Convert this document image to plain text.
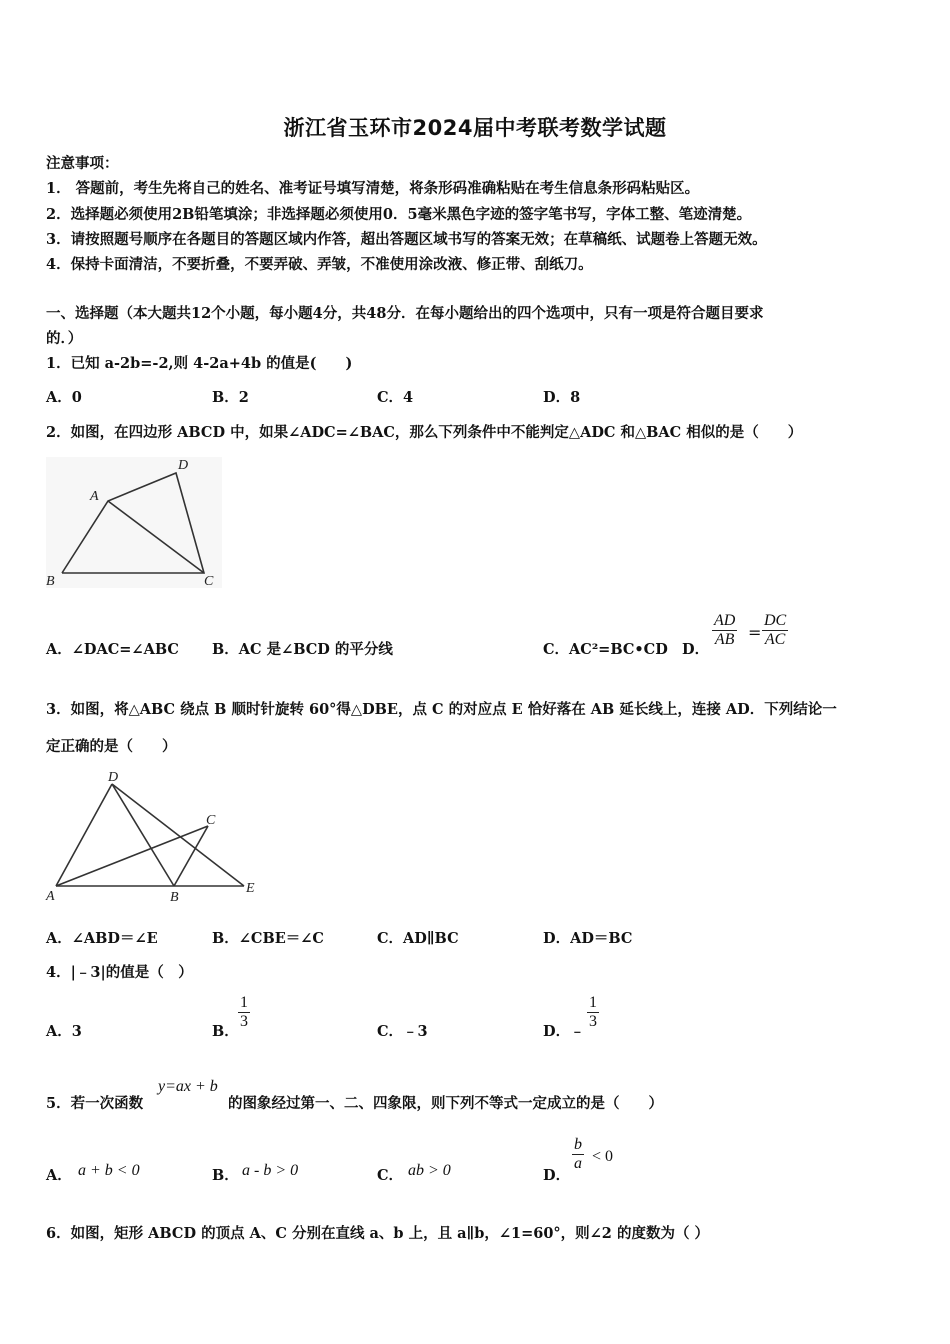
浙江省玉环市2024届中考联考数学试题
注意事项：
1． 答题前，考生先将自己的姓名、准考证号填写清楚，将条形码准确粘贴在考生信息条形码粘贴区。
2．选择题必须使用2B铅笔填涂；非选择题必须使用0．5毫米黑色字迹的签字笔书写，字体工整、笔迹清楚。
3．请按照题号顺序在各题目的答题区域内作答，超出答题区域书写的答案无效；在草稿纸、试题卷上答题无效。
4．保持卡面清洁，不要折叠，不要弄破、弄皱，不准使用涂改液、修正带、刮纸刀。
一、选择题（本大题共12个小题，每小题4分，共48分．在每小题给出的四个选项中，只有一项是符合题目要求
的．）
1．已知 a-2b=-2,则 4-2a+4b 的值是(　　)
A．0	B．2	C．4	D．8
2．如图，在四边形 ABCD 中，如果∠ADC=∠BAC，那么下列条件中不能判定△ADC 和△BAC 相似的是（　　）
A
B	C
D
A．∠DAC=∠ABC B．AC 是∠BCD 的平分线	C．AC²=BC•CD D．
$\frac{AD}{AB} = \frac{DC}{AC}$
3．如图，将△ABC 绕点 B 顺时针旋转 60°得△DBE，点 C 的对应点 E 恰好落在 AB 延长线上，连接 AD．下列结论一
定正确的是（　　）
A	B
C
D
E
A．∠ABD＝∠E	B．∠CBE＝∠C	C．AD∥BC	D．AD＝BC
4．|﹣3|的值是（　）
A．3	B．
$\frac{1}{3}$
C．﹣3	D．﹣
$\frac{1}{3}$
5．若一次函数
y=ax + b
的图象经过第一、二、四象限，则下列不等式一定成立的是（　　）
A． a + b < 0	B． a - b > 0	C． ab > 0	D．
$\frac{b}{a} < 0$
6．如图，矩形 ABCD 的顶点 A、C 分别在直线 a、b 上，且 a∥b，∠1=60°，则∠2 的度数为（ ）
